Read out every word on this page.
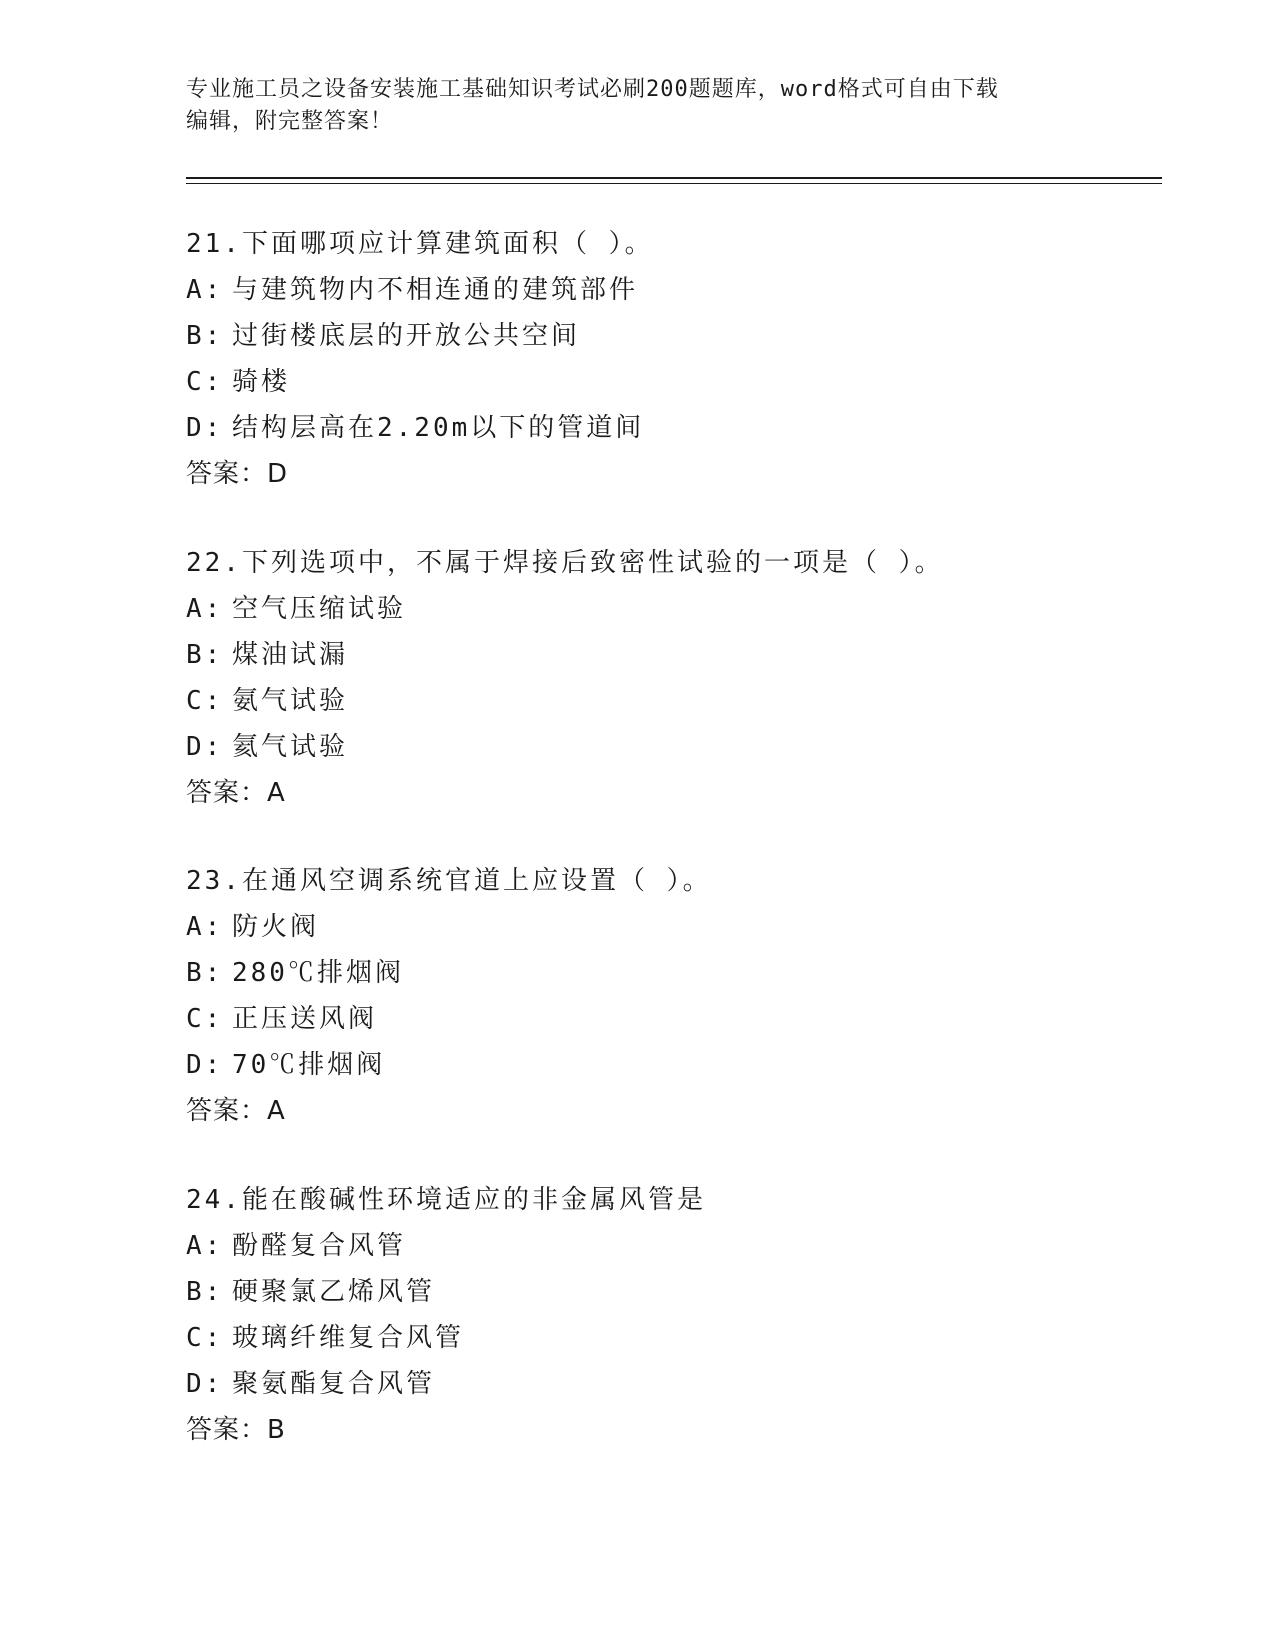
专业施工员之设备安装施工基础知识考试必刷200题题库，word格式可自由下载
编辑，附完整答案！
21.下面哪项应计算建筑面积（ ）。
A: 与建筑物内不相连通的建筑部件
B: 过街楼底层的开放公共空间
C: 骑楼
D: 结构层高在2.20m以下的管道间
答案：D
22.下列选项中，不属于焊接后致密性试验的一项是（ ）。
A: 空气压缩试验
B: 煤油试漏
C: 氨气试验
D: 氦气试验
答案：A
23.在通风空调系统官道上应设置（ ）。
A: 防火阀
B: 280℃排烟阀
C: 正压送风阀
D: 70℃排烟阀
答案：A
24.能在酸碱性环境适应的非金属风管是
A: 酚醛复合风管
B: 硬聚氯乙烯风管
C: 玻璃纤维复合风管
D: 聚氨酯复合风管
答案：B
